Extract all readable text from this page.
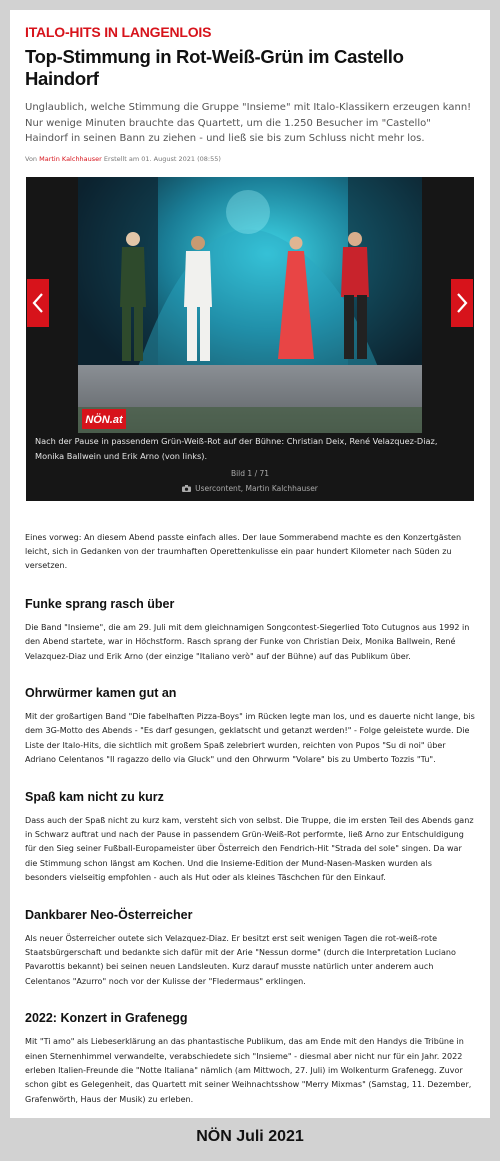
ITALO-HITS IN LANGENLOIS

Top-Stimmung in Rot-Weiß-Grün im Castello Haindorf

Unglaublich, welche Stimmung die Gruppe "Insieme" mit Italo-Klassikern erzeugen kann! Nur wenige Minuten brauchte das Quartett, um die 1.250 Besucher im "Castello" Haindorf in seinen Bann zu ziehen - und ließ sie bis zum Schluss nicht mehr los.

Von Martin Kalchhauser Erstellt am 01. August 2021 (08:55)

NÖN.at
Nach der Pause in passendem Grün-Weiß-Rot auf der Bühne: Christian Deix, René Velazquez-Diaz, Monika Ballwein und Erik Arno (von links).
Bild 1 / 71
Usercontent, Martin Kalchhauser

Eines vorweg: An diesem Abend passte einfach alles. Der laue Sommerabend machte es den Konzertgästen leicht, sich in Gedanken von der traumhaften Operettenkulisse ein paar hundert Kilometer nach Süden zu versetzen.

Funke sprang rasch über

Die Band "Insieme", die am 29. Juli mit dem gleichnamigen Songcontest-Siegerlied Toto Cutugnos aus 1992 in den Abend startete, war in Höchstform. Rasch sprang der Funke von Christian Deix, Monika Ballwein, René Velazquez-Diaz und Erik Arno (der einzige "Italiano verò" auf der Bühne) auf das Publikum über.

Ohrwürmer kamen gut an

Mit der großartigen Band "Die fabelhaften Pizza-Boys" im Rücken legte man los, und es dauerte nicht lange, bis dem 3G-Motto des Abends - "Es darf gesungen, geklatscht und getanzt werden!" - Folge geleistete wurde. Die Liste der Italo-Hits, die sichtlich mit großem Spaß zelebriert wurden, reichten von Pupos "Su di noi" über Adriano Celentanos "Il ragazzo dello via Gluck" und den Ohrwurm "Volare" bis zu Umberto Tozzis "Tu".

Spaß kam nicht zu kurz

Dass auch der Spaß nicht zu kurz kam, versteht sich von selbst. Die Truppe, die im ersten Teil des Abends ganz in Schwarz auftrat und nach der Pause in passendem Grün-Weiß-Rot performte, ließ Arno zur Entschuldigung für den Sieg seiner Fußball-Europameister über Österreich den Fendrich-Hit "Strada del sole" singen. Da war die Stimmung schon längst am Kochen. Und die Insieme-Edition der Mund-Nasen-Masken wurden als besonders vielseitig empfohlen - auch als Hut oder als kleines Täschchen für den Einkauf.

Dankbarer Neo-Österreicher

Als neuer Österreicher outete sich Velazquez-Diaz. Er besitzt erst seit wenigen Tagen die rot-weiß-rote Staatsbürgerschaft und bedankte sich dafür mit der Arie "Nessun dorme" (durch die Interpretation Luciano Pavarottis bekannt) bei seinen neuen Landsleuten. Kurz darauf musste natürlich unter anderem auch Celentanos "Azurro" noch vor der Kulisse der "Fledermaus" erklingen.

2022: Konzert in Grafenegg

Mit "Ti amo" als Liebeserklärung an das phantastische Publikum, das am Ende mit den Handys die Tribüne in einen Sternenhimmel verwandelte, verabschiedete sich "Insieme" - diesmal aber nicht nur für ein Jahr. 2022 erleben Italien-Freunde die "Notte Italiana" nämlich (am Mittwoch, 27. Juli) im Wolkenturm Grafenegg. Zuvor schon gibt es Gelegenheit, das Quartett mit seiner Weihnachtsshow "Merry Mixmas" (Samstag, 11. Dezember, Grafenwörth, Haus der Musik) zu erleben.

NÖN Juli 2021
